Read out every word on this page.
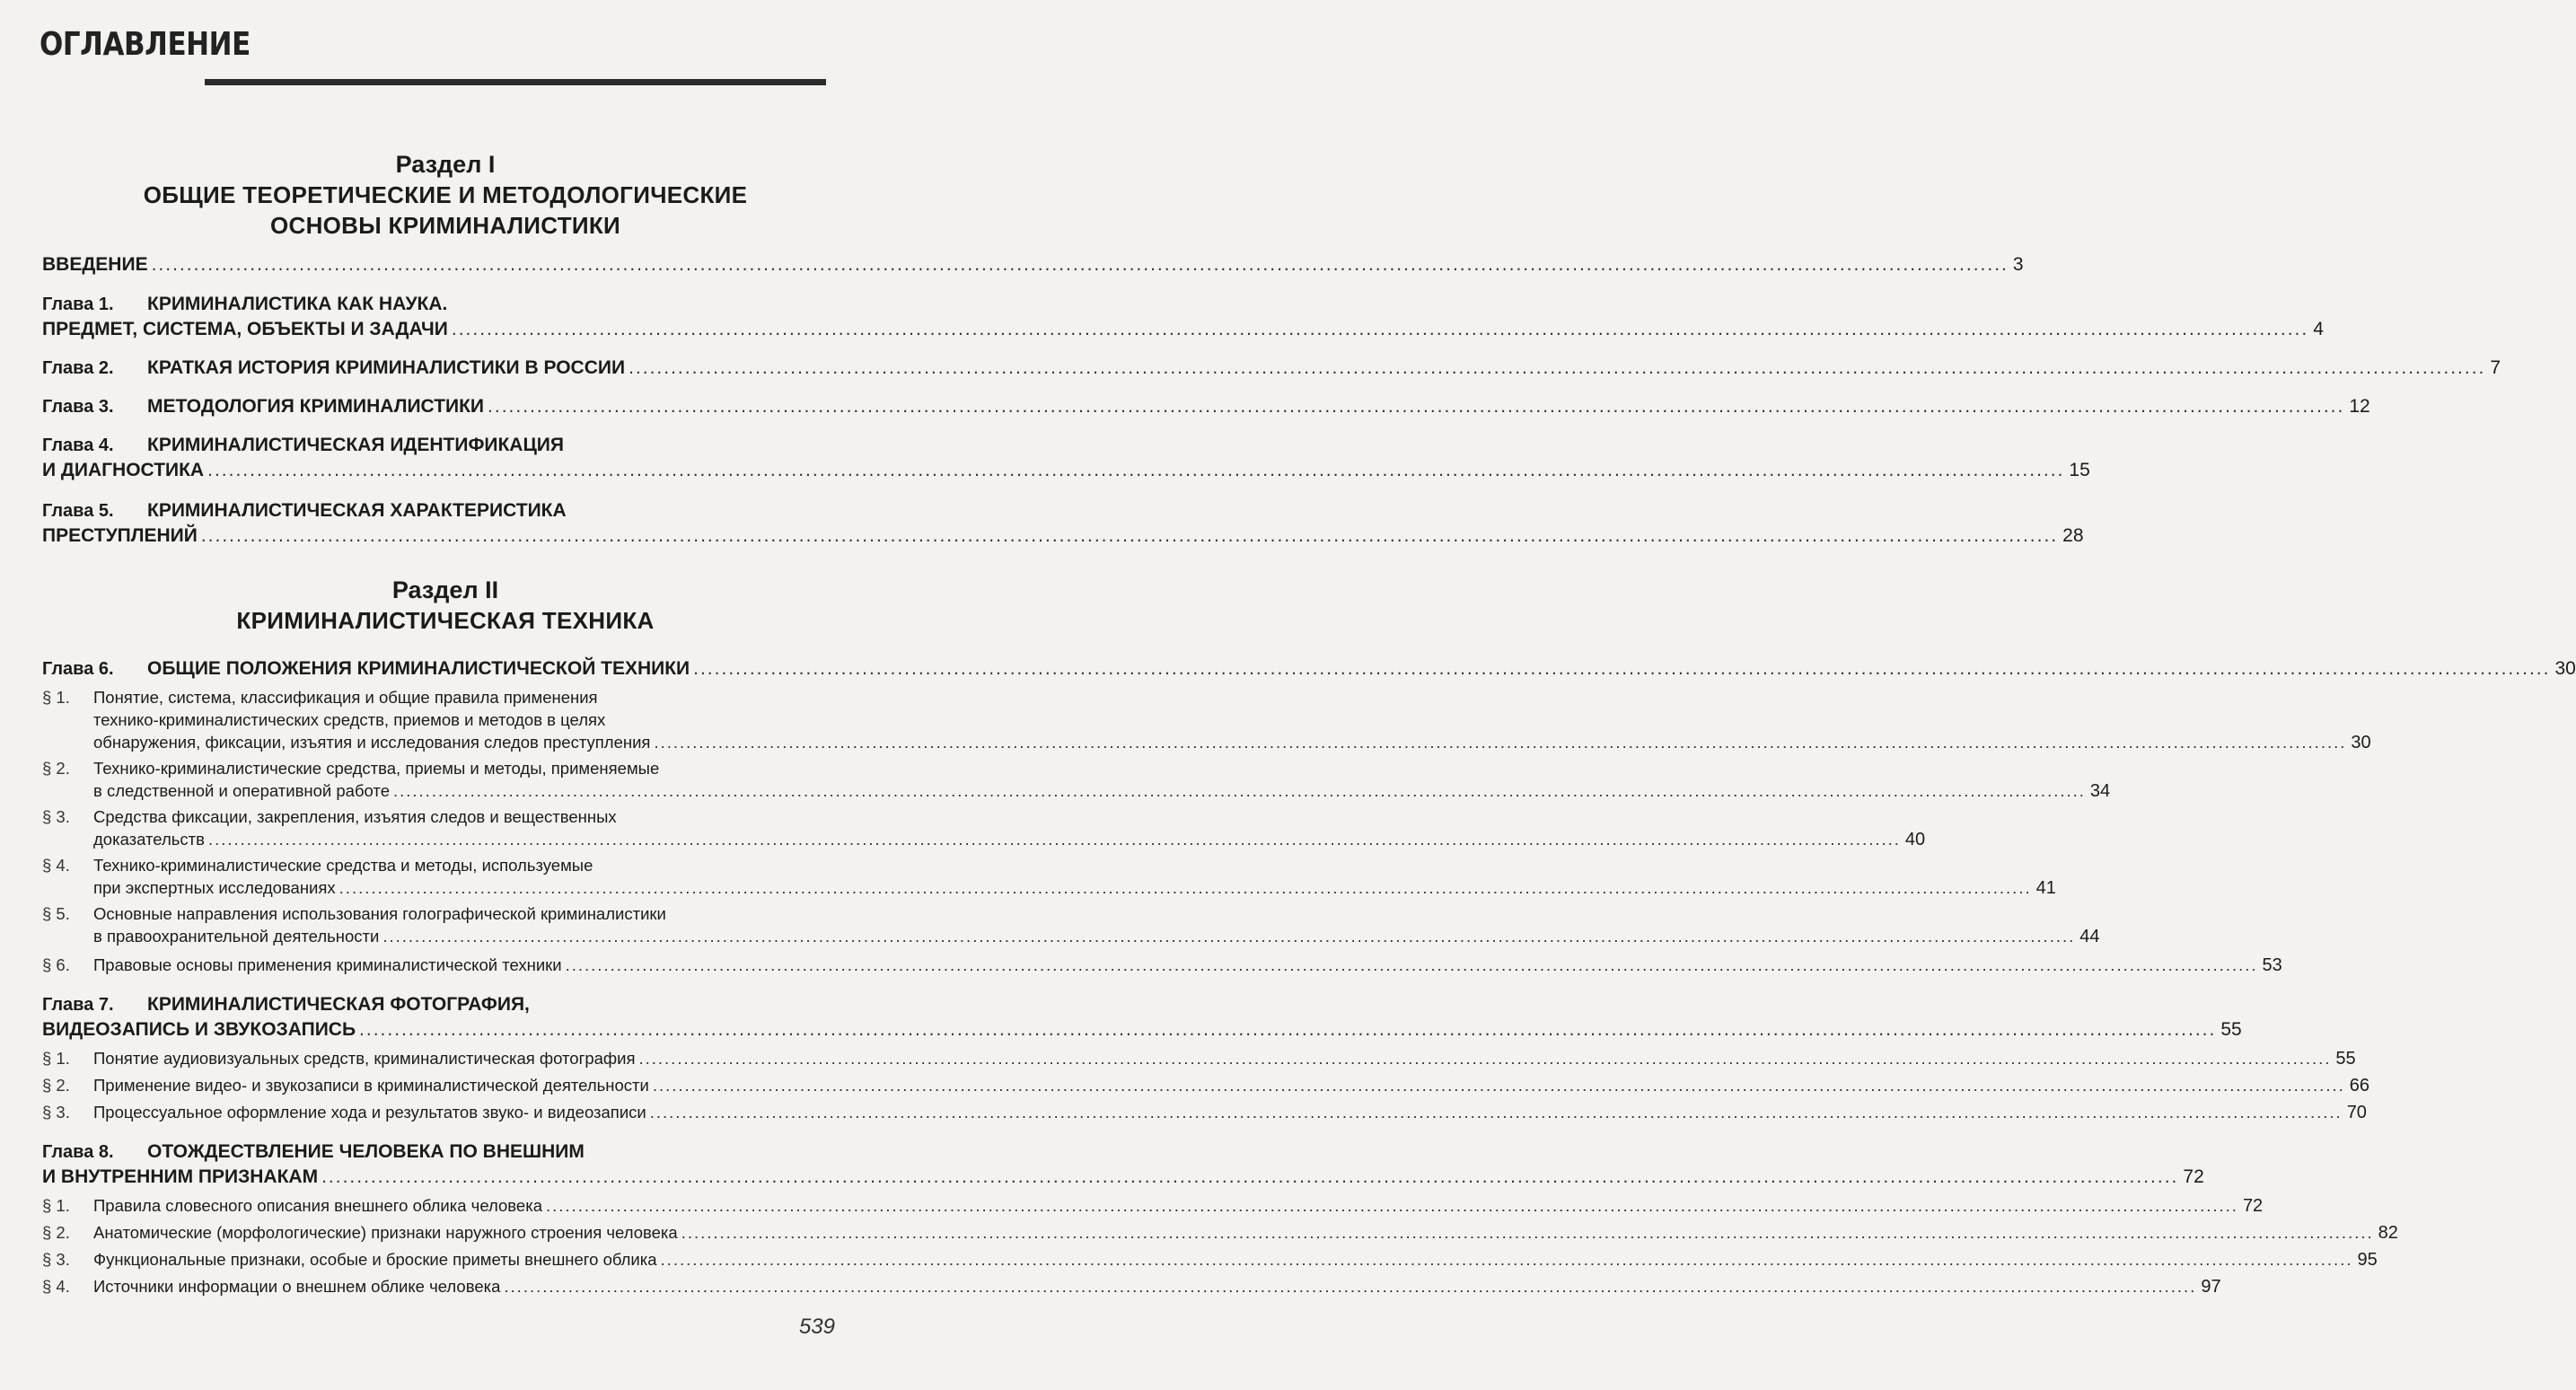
ОГЛАВЛЕНИЕ
Раздел I
ОБЩИЕ ТЕОРЕТИЧЕСКИЕ И МЕТОДОЛОГИЧЕСКИЕ
ОСНОВЫ КРИМИНАЛИСТИКИ
ВВЕДЕНИЕ .....	3
Глава 1. КРИМИНАЛИСТИКА КАК НАУКА.
ПРЕДМЕТ, СИСТЕМА, ОБЪЕКТЫ И ЗАДАЧИ .....	4
Глава 2. КРАТКАЯ ИСТОРИЯ КРИМИНАЛИСТИКИ В РОССИИ .....	7
Глава 3. МЕТОДОЛОГИЯ КРИМИНАЛИСТИКИ .....	12
Глава 4. КРИМИНАЛИСТИЧЕСКАЯ ИДЕНТИФИКАЦИЯ
И ДИАГНОСТИКА .....	15
Глава 5. КРИМИНАЛИСТИЧЕСКАЯ ХАРАКТЕРИСТИКА
ПРЕСТУПЛЕНИЙ .....	28
Раздел II
КРИМИНАЛИСТИЧЕСКАЯ ТЕХНИКА
Глава 6. ОБЩИЕ ПОЛОЖЕНИЯ КРИМИНАЛИСТИЧЕСКОЙ ТЕХНИКИ .....	30
§ 1.	Понятие, система, классификация и общие правила применения
технико-криминалистических средств, приемов и методов в целях
обнаружения, фиксации, изъятия и исследования следов преступления .....	30
§ 2.	Технико-криминалистические средства, приемы и методы, применяемые
в следственной и оперативной работе .....	34
§ 3.	Средства фиксации, закрепления, изъятия следов и вещественных
доказательств .....	40
§ 4.	Технико-криминалистические средства и методы, используемые
при экспертных исследованиях .....	41
§ 5.	Основные направления использования голографической криминалистики
в правоохранительной деятельности .....	44
§ 6.	Правовые основы применения криминалистической техники .....	53
Глава 7. КРИМИНАЛИСТИЧЕСКАЯ ФОТОГРАФИЯ,
ВИДЕОЗАПИСЬ И ЗВУКОЗАПИСЬ .....	55
§ 1.	Понятие аудиовизуальных средств, криминалистическая фотография .....	55
§ 2.	Применение видео- и звукозаписи в криминалистической деятельности .....	66
§ 3.	Процессуальное оформление хода и результатов звуко- и видеозаписи .....	70
Глава 8. ОТОЖДЕСТВЛЕНИЕ ЧЕЛОВЕКА ПО ВНЕШНИМ
И ВНУТРЕННИМ ПРИЗНАКАМ .....	72
§ 1.	Правила словесного описания внешнего облика человека .....	72
§ 2.	Анатомические (морфологические) признаки наружного строения человека .....	82
§ 3.	Функциональные признаки, особые и броские приметы внешнего облика .....	95
§ 4.	Источники информации о внешнем облике человека .....	97
539
